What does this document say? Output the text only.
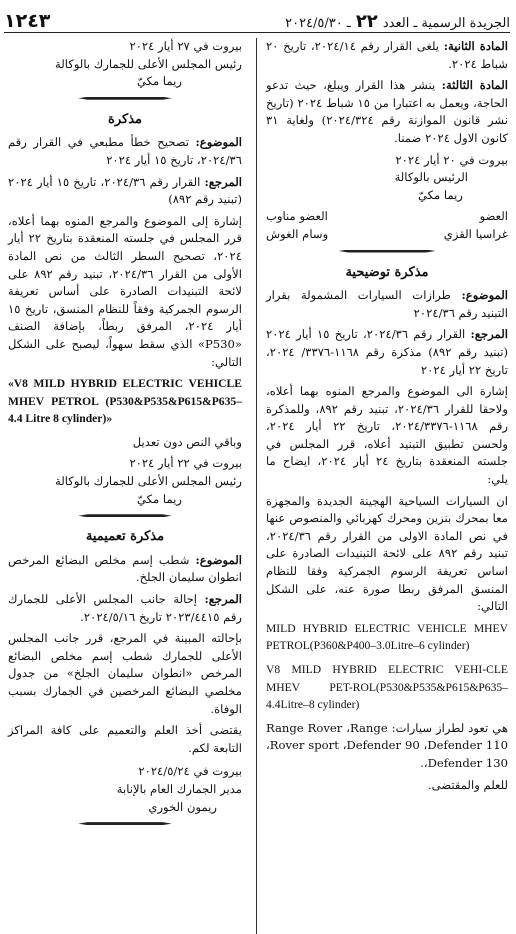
الجريدة الرسمية ـ العدد ٢٢ ـ ٢٠٢٤/٥/٣٠
١٢٤٣

المادة الثانية: يلغى القرار رقم ٢٠٢٤/١٤، تاريخ ٢٠ شباط ٢٠٢٤.

المادة الثالثة: ينشر هذا القرار ويبلغ، حيث تدعو الحاجة، ويعمل به اعتبارا من ١٥ شباط ٢٠٢٤ (تاريخ نشر قانون الموازنة رقم ٢٠٢٤/٣٢٤) ولغاية ٣١ كانون الاول ٢٠٢٤ ضمنا.

بيروت في ٢٠ أيار ٢٠٢٤

الرئيس بالوكالة

ريما مكيّ

العضو
العضو مناوب
غراسيا القزي
وسام الغوش
مذكرة توضيحية

الموضوع: طرازات السيارات المشمولة بقرار التبنيد رقم ٢٠٢٤/٣٦

المرجع: القرار رقم ٢٠٢٤/٣٦، تاريخ ١٥ أيار ٢٠٢٤ (تبنيد رقم ٨٩٢) مذكرة رقم ١١٦٨-٣٣٧٦/ ٢٠٢٤، تاريخ ٢٢ أيار ٢٠٢٤

إشارة الى الموضوع والمرجع المنوه بهما أعلاه، ولاحقا للقرار ٢٠٢٤/٣٦، تبنيد رقم ٨٩٢، وللمذكرة رقم ١١٦٨-٢٠٢٤/٣٣٧٦، تاريخ ٢٢ أيار ٢٠٢٤، ولحسن تطبيق التبنيد أعلاه، قرر المجلس في جلسته المنعقدة بتاريخ ٢٤ أيار ٢٠٢٤، ايضاح ما يلي:

ان السيارات السياحية الهجينة الجديدة والمجهزة معا بمحرك بنزين ومحرك كهربائي والمنصوص عنها في نص المادة الاولى من القرار رقم ٢٠٢٤/٣٦، تبنيد رقم ٨٩٢ على لائحة التبنيدات الصادرة على اساس تعريفة الرسوم الجمركية وفقا للنظام المنسق المرفق ربطا صورة عنه، على الشكل التالي:

MILD HYBRID ELECTRIC VEHICLE MHEV PETROL(P360&P400–3.0Litre–6 cylinder)

V8 MILD HYBRID ELECTRIC VEHI-CLE MHEV PET-ROL(P530&P535&P615&P635–4.4Litre–8 cylinder)

هي تعود لطراز سيارات: Range Rover ،Range ،Rover sport ،Defender 90 ،Defender 110 ،Defender 130.

للعلم والمقتضى.

بيروت في ٢٧ أيار ٢٠٢٤

رئيس المجلس الأعلى للجمارك بالوكالة

ريما مكيّ

مذكرة

الموضوع: تصحيح خطأ مطبعي في القرار رقم ٢٠٢٤/٣٦، تاريخ ١٥ أيار ٢٠٢٤

المرجع: القرار رقم ٢٠٢٤/٣٦، تاريخ ١٥ أيار ٢٠٢٤ (تبنيد رقم ٨٩٢)

إشارة إلى الموضوع والمرجع المنوه بهما أعلاه، قرر المجلس في جلسته المنعقدة بتاريخ ٢٢ أيار ٢٠٢٤، تصحيح السطر الثالث من نص المادة الأولى من القرار ٢٠٢٤/٣٦، تبنيد رقم ٨٩٢ على لائحة التبنيدات الصادرة على أساس تعريفة الرسوم الجمركية وفقاً للنظام المنسق، تاريخ ١٥ أيار ٢٠٢٤، المرفق ربطاً، بإضافة الصنف «P530» الذي سقط سهواً، ليصبح على الشكل التالي:

«V8 MILD HYBRID ELECTRIC VEHICLE MHEV PETROL (P530&P535&P615&P635–4.4 Litre 8 cylinder)»

وباقي النص دون تعديل

بيروت في ٢٢ أيار ٢٠٢٤

رئيس المجلس الأعلى للجمارك بالوكالة

ريما مكيّ

مذكرة تعميمية

الموضوع: شطب إسم مخلص البضائع المرخص انطوان سليمان الجلخ.

المرجع: إحالة جانب المجلس الأعلى للجمارك رقم ٢٠٢٣/٤٤١٥ تاريخ ٢٠٢٤/٥/١٦.

بإحالته المبينة في المرجع، قرر جانب المجلس الأعلى للجمارك شطب إسم مخلص البضائع المرخص «انطوان سليمان الجلخ» من جدول مخلصي البضائع المرخصين في الجمارك بسبب الوفاة.

يقتضى أخذ العلم والتعميم على كافة المراكز التابعة لكم.

بيروت في ٢٠٢٤/٥/٢٤

مدير الجمارك العام بالإنابة

ريمون الخوري
